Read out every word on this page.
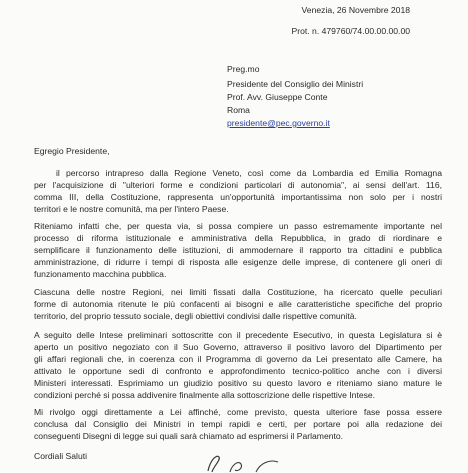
Venezia, 26 Novembre 2018
Prot. n. 479760/74.00.00.00.00
Preg.mo
Presidente del Consiglio dei Ministri
Prof. Avv. Giuseppe Conte
Roma
presidente@pec.governo.it
Egregio Presidente,
il percorso intrapreso dalla Regione Veneto, così come da Lombardia ed Emilia Romagna
per l'acquisizione di "ulteriori forme e condizioni particolari di autonomia", ai sensi dell'art. 116,
comma III, della Costituzione, rappresenta un'opportunità importantissima non solo per i nostri
territori e le nostre comunità, ma per l'intero Paese.
Riteniamo infatti che, per questa via, si possa compiere un passo estremamente importante nel
processo di riforma istituzionale e amministrativa della Repubblica, in grado di riordinare e
semplificare il funzionamento delle istituzioni, di ammodernare il rapporto tra cittadini e pubblica
amministrazione, di ridurre i tempi di risposta alle esigenze delle imprese, di contenere gli oneri di
funzionamento macchina pubblica.
Ciascuna delle nostre Regioni, nei limiti fissati dalla Costituzione, ha ricercato quelle peculiari
forme di autonomia ritenute le più confacenti ai bisogni e alle caratteristiche specifiche del proprio
territorio, del proprio tessuto sociale, degli obiettivi condivisi dalle rispettive comunità.
A seguito delle Intese preliminari sottoscritte con il precedente Esecutivo, in questa Legislatura si è
aperto un positivo negoziato con il Suo Governo, attraverso il positivo lavoro del Dipartimento per
gli affari regionali che, in coerenza con il Programma di governo da Lei presentato alle Camere, ha
attivato le opportune sedi di confronto e approfondimento tecnico-politico anche con i diversi
Ministeri interessati. Esprimiamo un giudizio positivo su questo lavoro e riteniamo siano mature le
condizioni perché si possa addivenire finalmente alla sottoscrizione delle rispettive Intese.
Mi rivolgo oggi direttamente a Lei affinché, come previsto, questa ulteriore fase possa essere
conclusa dal Consiglio dei Ministri in tempi rapidi e certi, per portare poi alla redazione dei
conseguenti Disegni di legge sui quali sarà chiamato ad esprimersi il Parlamento.
Cordiali Saluti
